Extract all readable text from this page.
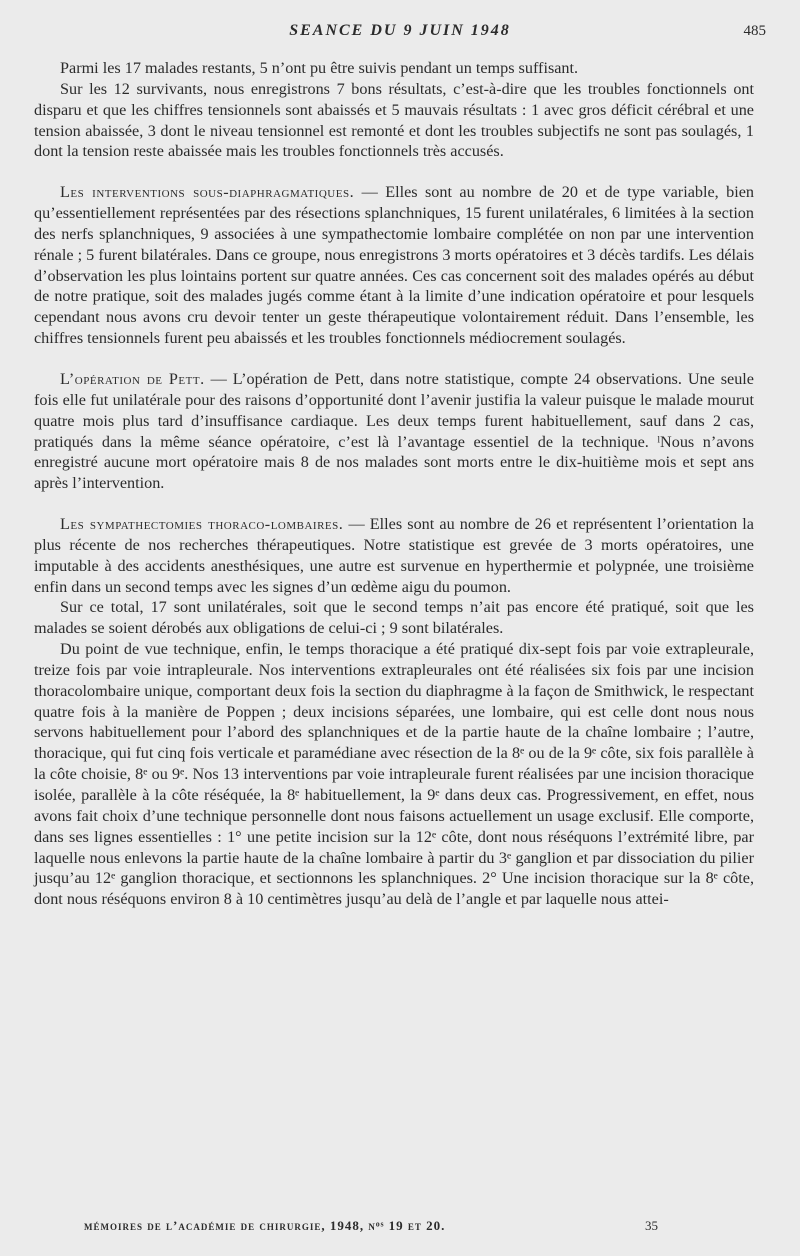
SEANCE DU 9 JUIN 1948	485

Parmi les 17 malades restants, 5 n’ont pu être suivis pendant un temps suffisant.

Sur les 12 survivants, nous enregistrons 7 bons résultats, c’est-à-dire que les troubles fonctionnels ont disparu et que les chiffres tensionnels sont abaissés et 5 mauvais résultats : 1 avec gros déficit cérébral et une tension abaissée, 3 dont le niveau tensionnel est remonté et dont les troubles subjectifs ne sont pas soulagés, 1 dont la tension reste abaissée mais les troubles fonctionnels très accusés.

Les interventions sous-diaphragmatiques. — Elles sont au nombre de 20 et de type variable, bien qu’essentiellement représentées par des résections splanchniques, 15 furent unilatérales, 6 limitées à la section des nerfs splanchniques, 9 associées à une sympathectomie lombaire complétée on non par une intervention rénale ; 5 furent bilatérales. Dans ce groupe, nous enregistrons 3 morts opératoires et 3 décès tardifs. Les délais d’observation les plus lointains portent sur quatre années. Ces cas concernent soit des malades opérés au début de notre pratique, soit des malades jugés comme étant à la limite d’une indication opératoire et pour lesquels cependant nous avons cru devoir tenter un geste thérapeutique volontairement réduit. Dans l’ensemble, les chiffres tensionnels furent peu abaissés et les troubles fonctionnels médiocrement soulagés.

L’opération de Pett. — L’opération de Pett, dans notre statistique, compte 24 observations. Une seule fois elle fut unilatérale pour des raisons d’opportunité dont l’avenir justifia la valeur puisque le malade mourut quatre mois plus tard d’insuffisance cardiaque. Les deux temps furent habituellement, sauf dans 2 cas, pratiqués dans la même séance opératoire, c’est là l’avantage essentiel de la technique. ˡNous n’avons enregistré aucune mort opératoire mais 8 de nos malades sont morts entre le dix-huitième mois et sept ans après l’intervention.

Les sympathectomies thoraco-lombaires. — Elles sont au nombre de 26 et représentent l’orientation la plus récente de nos recherches thérapeutiques. Notre statistique est grevée de 3 morts opératoires, une imputable à des accidents anesthésiques, une autre est survenue en hyperthermie et polypnée, une troisième enfin dans un second temps avec les signes d’un œdème aigu du poumon.

Sur ce total, 17 sont unilatérales, soit que le second temps n’ait pas encore été pratiqué, soit que les malades se soient dérobés aux obligations de celui-ci ; 9 sont bilatérales.

Du point de vue technique, enfin, le temps thoracique a été pratiqué dix-sept fois par voie extrapleurale, treize fois par voie intrapleurale. Nos interventions extrapleurales ont été réalisées six fois par une incision thoracolombaire unique, comportant deux fois la section du diaphragme à la façon de Smithwick, le respectant quatre fois à la manière de Poppen ; deux incisions séparées, une lombaire, qui est celle dont nous nous servons habituellement pour l’abord des splanchniques et de la partie haute de la chaîne lombaire ; l’autre, thoracique, qui fut cinq fois verticale et paramédiane avec résection de la 8ᵉ ou de la 9ᵉ côte, six fois parallèle à la côte choisie, 8ᵉ ou 9ᵉ. Nos 13 interventions par voie intrapleurale furent réalisées par une incision thoracique isolée, parallèle à la côte réséquée, la 8ᵉ habituellement, la 9ᵉ dans deux cas. Progressivement, en effet, nous avons fait choix d’une technique personnelle dont nous faisons actuellement un usage exclusif. Elle comporte, dans ses lignes essentielles : 1° une petite incision sur la 12ᵉ côte, dont nous réséquons l’extrémité libre, par laquelle nous enlevons la partie haute de la chaîne lombaire à partir du 3ᵉ ganglion et par dissociation du pilier jusqu’au 12ᵉ ganglion thoracique, et sectionnons les splanchniques. 2° Une incision thoracique sur la 8ᵉ côte, dont nous réséquons environ 8 à 10 centimètres jusqu’au delà de l’angle et par laquelle nous attei-

mémoires de l’académie de chirurgie, 1948, nᵒˢ 19 et 20.	35
